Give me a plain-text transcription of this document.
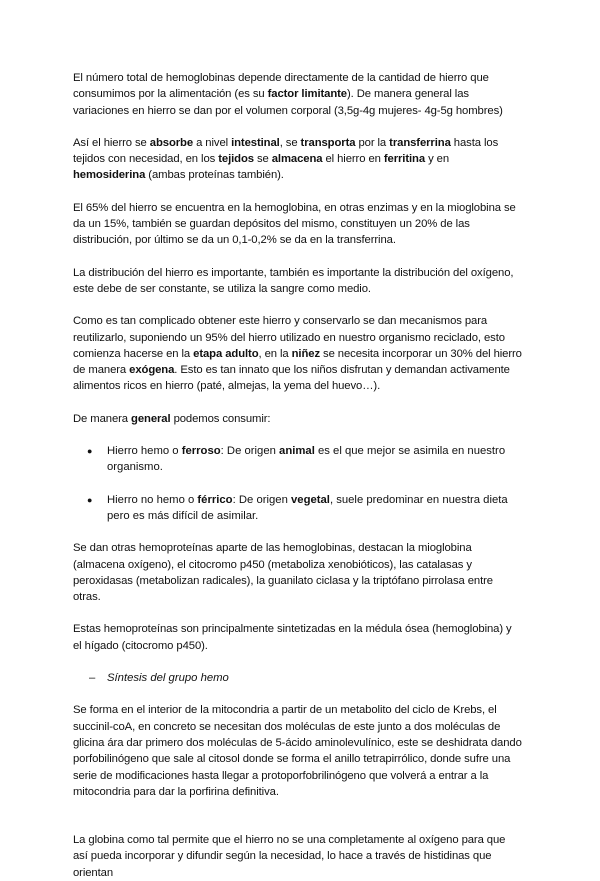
El número total de hemoglobinas depende directamente de la cantidad de hierro que consumimos por la alimentación (es su factor limitante). De manera general las variaciones en hierro se dan por el volumen corporal (3,5g-4g mujeres- 4g-5g hombres)

Así el hierro se absorbe a nivel intestinal, se transporta por la transferrina hasta los tejidos con necesidad, en los tejidos se almacena el hierro en ferritina y en hemosiderina (ambas proteínas también).

El 65% del hierro se encuentra en la hemoglobina, en otras enzimas y en la mioglobina se da un 15%, también se guardan depósitos del mismo, constituyen un 20% de las distribución, por último se da un 0,1-0,2% se da en la transferrina.

La distribución del hierro es importante, también es importante la distribución del oxígeno, este debe de ser constante, se utiliza la sangre como medio.

Como es tan complicado obtener este hierro y conservarlo se dan mecanismos para reutilizarlo, suponiendo un 95% del hierro utilizado en nuestro organismo reciclado, esto comienza hacerse en la etapa adulto, en la niñez se necesita incorporar un 30% del hierro de manera exógena. Esto es tan innato que los niños disfrutan y demandan activamente alimentos ricos en hierro (paté, almejas, la yema del huevo…).

De manera general podemos consumir:

● Hierro hemo o ferroso: De origen animal es el que mejor se asimila en nuestro organismo.
● Hierro no hemo o férrico: De origen vegetal, suele predominar en nuestra dieta pero es más difícil de asimilar.

Se dan otras hemoproteínas aparte de las hemoglobinas, destacan la mioglobina (almacena oxígeno), el citocromo p450 (metaboliza xenobióticos), las catalasas y peroxidasas (metabolizan radicales), la guanilato ciclasa y la triptófano pirrolasa entre otras.

Estas hemoproteínas son principalmente sintetizadas en la médula ósea (hemoglobina) y el hígado (citocromo p450).

– Síntesis del grupo hemo

Se forma en el interior de la mitocondria a partir de un metabolito del ciclo de Krebs, el succinil-coA, en concreto se necesitan dos moléculas de este junto a dos moléculas de glicina ára dar primero dos moléculas de 5-ácido aminolevulínico, este se deshidrata dando porfobilinógeno que sale al citosol donde se forma el anillo tetrapirrólico, donde sufre una serie de modificaciones hasta llegar a protoporfobrilinógeno que volverá a entrar a la mitocondria para dar la porfirina definitiva.

La globina como tal permite que el hierro no se una completamente al oxígeno para que así pueda incorporar y difundir según la necesidad, lo hace a través de histidinas que orientan
